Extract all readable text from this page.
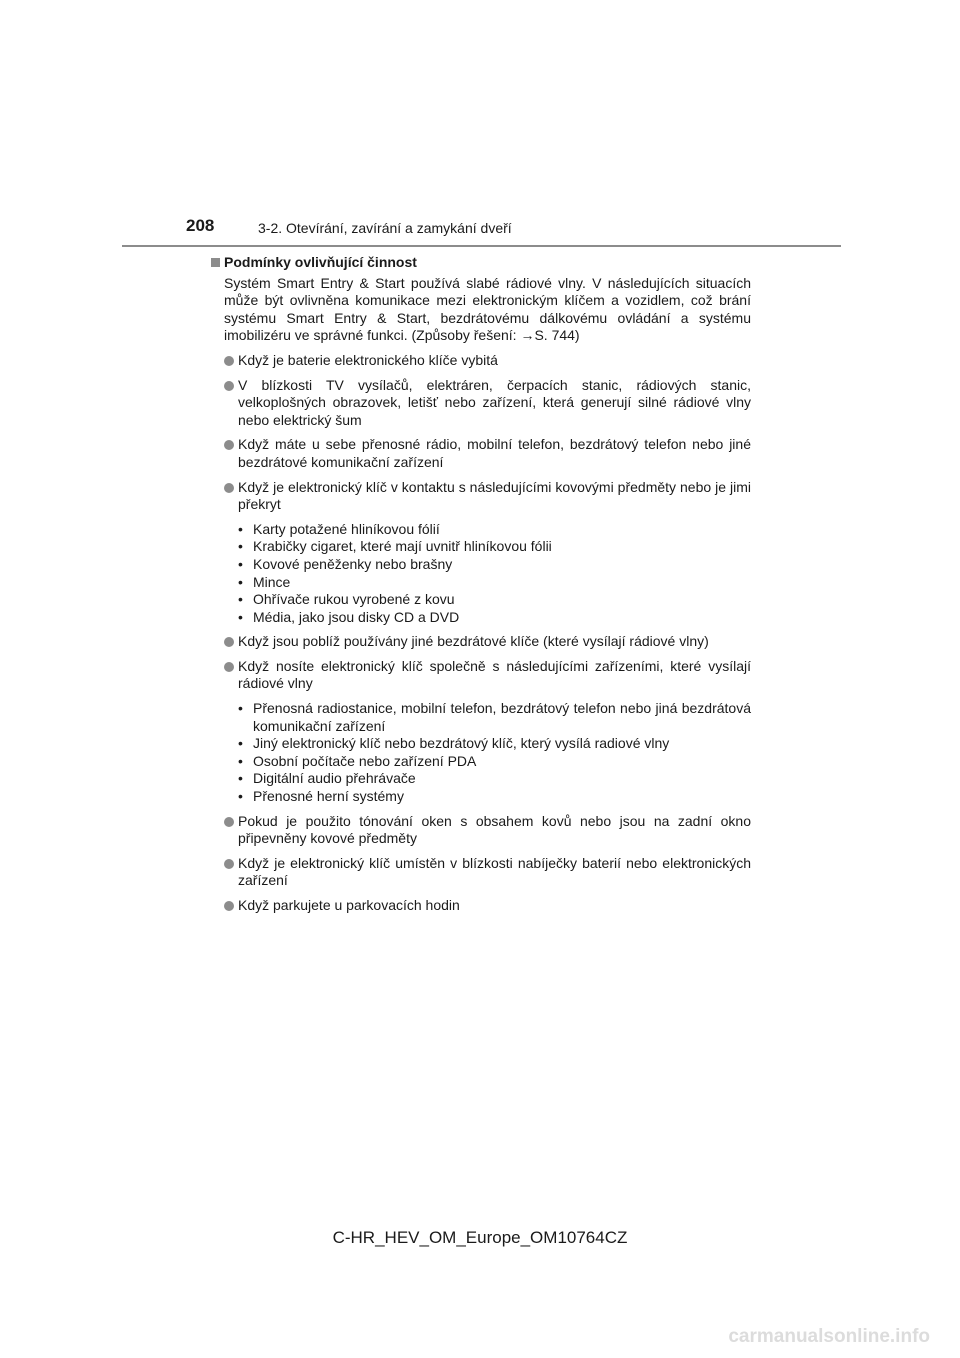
208	3-2. Otevírání, zavírání a zamykání dveří
Podmínky ovlivňující činnost
Systém Smart Entry & Start používá slabé rádiové vlny. V následujících situacích může být ovlivněna komunikace mezi elektronickým klíčem a vozidlem, což brání systému Smart Entry & Start, bezdrátovému dálkovému ovládání a systému imobilizéru ve správné funkci. (Způsoby řešení: →S. 744)
Když je baterie elektronického klíče vybitá
V blízkosti TV vysílačů, elektráren, čerpacích stanic, rádiových stanic, velkoplošných obrazovek, letišť nebo zařízení, která generují silné rádiové vlny nebo elektrický šum
Když máte u sebe přenosné rádio, mobilní telefon, bezdrátový telefon nebo jiné bezdrátové komunikační zařízení
Když je elektronický klíč v kontaktu s následujícími kovovými předměty nebo je jimi překryt
• Karty potažené hliníkovou fólií
• Krabičky cigaret, které mají uvnitř hliníkovou fólii
• Kovové peněženky nebo brašny
• Mince
• Ohřívače rukou vyrobené z kovu
• Média, jako jsou disky CD a DVD
Když jsou poblíž používány jiné bezdrátové klíče (které vysílají rádiové vlny)
Když nosíte elektronický klíč společně s následujícími zařízeními, které vysílají rádiové vlny
• Přenosná radiostanice, mobilní telefon, bezdrátový telefon nebo jiná bezdrátová komunikační zařízení
• Jiný elektronický klíč nebo bezdrátový klíč, který vysílá radiové vlny
• Osobní počítače nebo zařízení PDA
• Digitální audio přehrávače
• Přenosné herní systémy
Pokud je použito tónování oken s obsahem kovů nebo jsou na zadní okno připevněny kovové předměty
Když je elektronický klíč umístěn v blízkosti nabíječky baterií nebo elektronických zařízení
Když parkujete u parkovacích hodin
C-HR_HEV_OM_Europe_OM10764CZ
carmanualsonline.info
